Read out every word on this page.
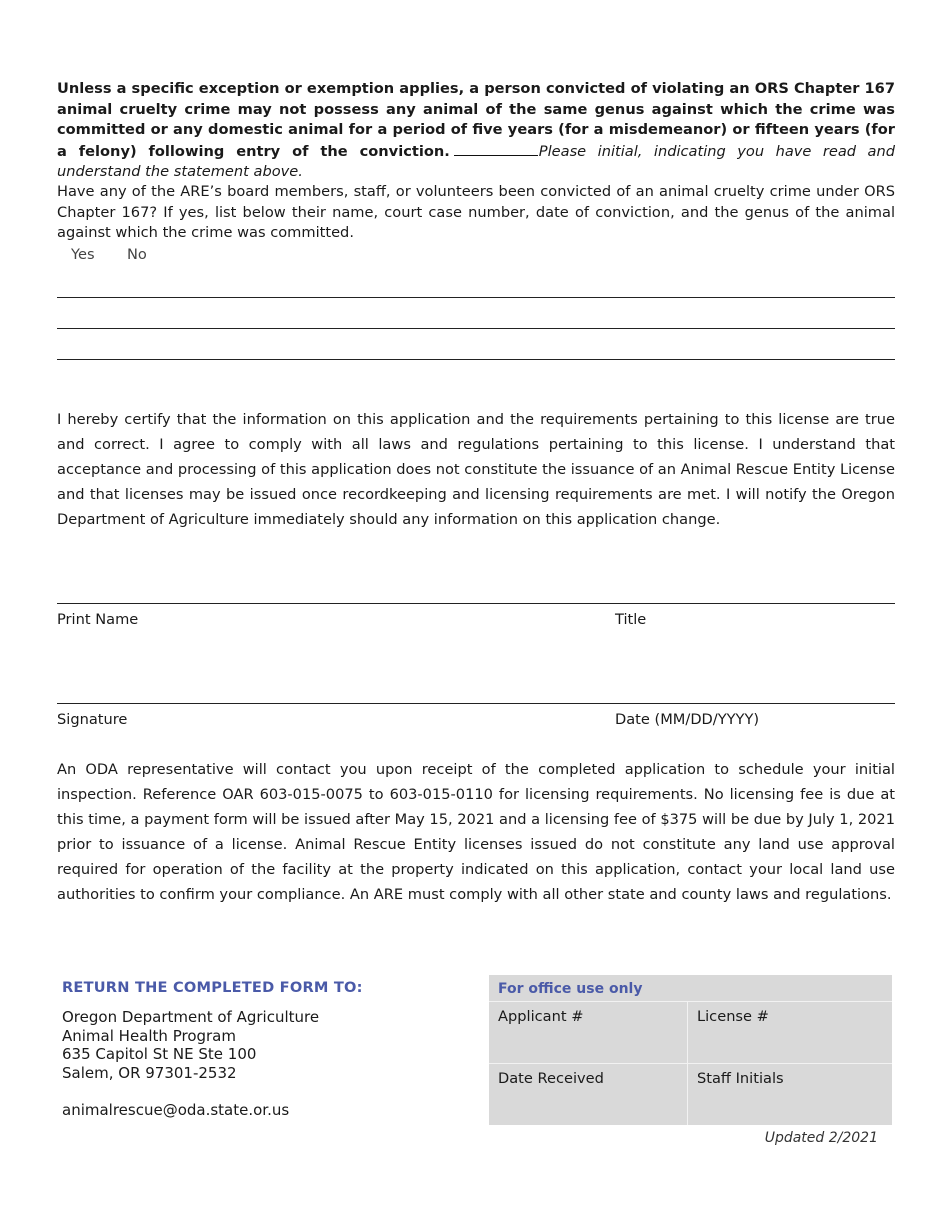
Unless a specific exception or exemption applies, a person convicted of violating an ORS Chapter 167 animal cruelty crime may not possess any animal of the same genus against which the crime was committed or any domestic animal for a period of five years (for a misdemeanor) or fifteen years (for a felony) following entry of the conviction.	Please initial, indicating you have read and understand the statement above.
Have any of the ARE’s board members, staff, or volunteers been convicted of an animal cruelty crime under ORS Chapter 167? If yes, list below their name, court case number, date of conviction, and the genus of the animal against which the crime was committed.
Yes No
I hereby certify that the information on this application and the requirements pertaining to this license are true and correct. I agree to comply with all laws and regulations pertaining to this license. I understand that acceptance and processing of this application does not constitute the issuance of an Animal Rescue Entity License and that licenses may be issued once recordkeeping and licensing requirements are met. I will notify the Oregon Department of Agriculture immediately should any information on this application change.
Print Name	Title
Signature	Date (MM/DD/YYYY)
An ODA representative will contact you upon receipt of the completed application to schedule your initial inspection. Reference OAR 603-015-0075 to 603-015-0110 for licensing requirements. No licensing fee is due at this time, a payment form will be issued after May 15, 2021 and a licensing fee of $375 will be due by July 1, 2021 prior to issuance of a license. Animal Rescue Entity licenses issued do not constitute any land use approval required for operation of the facility at the property indicated on this application, contact your local land use authorities to confirm your compliance. An ARE must comply with all other state and county laws and regulations.
RETURN THE COMPLETED FORM TO:
Oregon Department of Agriculture
Animal Health Program
635 Capitol St NE Ste 100
Salem, OR 97301-2532
animalrescue@oda.state.or.us
For office use only
Applicant #	License #
Date Received	Staff Initials
Updated 2/2021
